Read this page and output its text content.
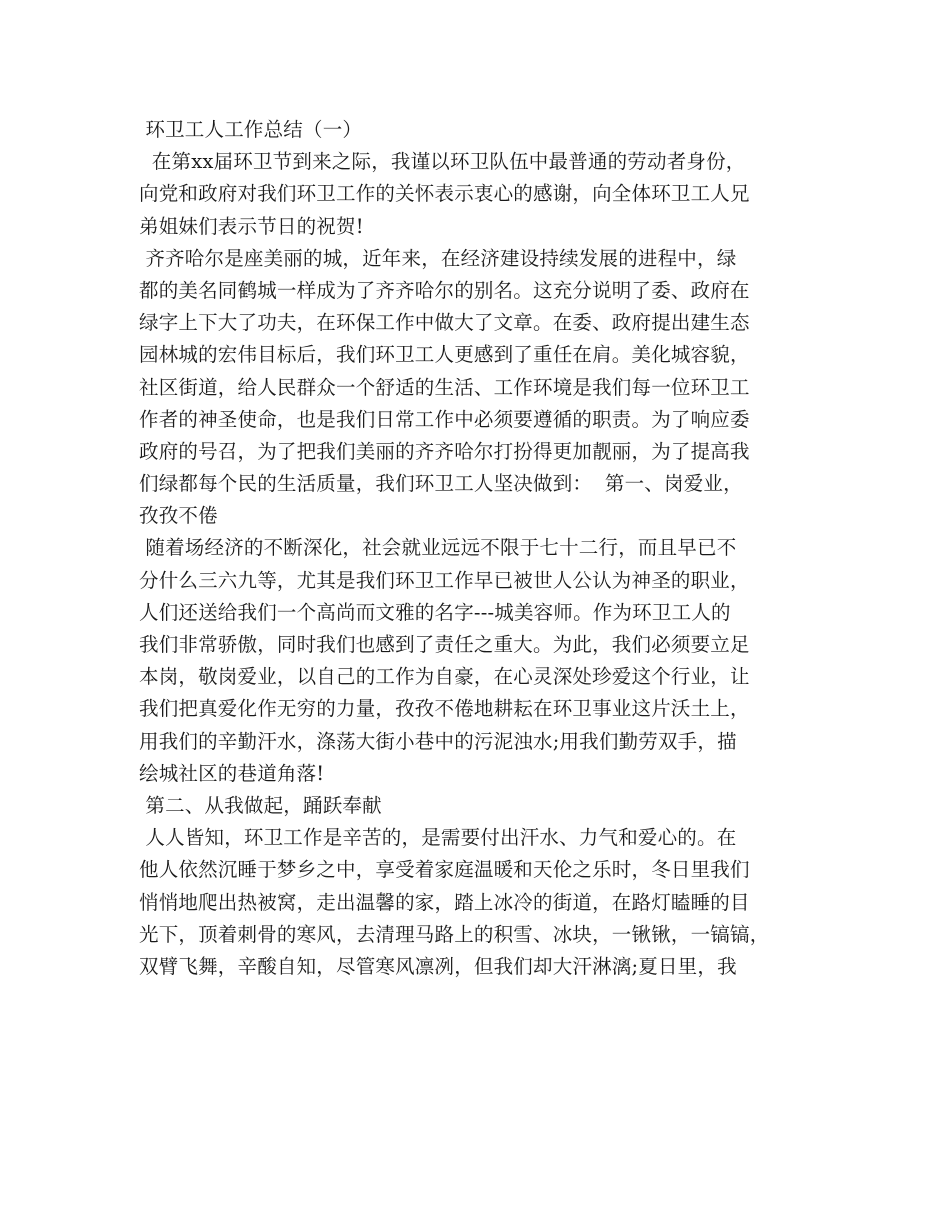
环卫工人工作总结（一）
在第xx届环卫节到来之际，我谨以环卫队伍中最普通的劳动者身份，
向党和政府对我们环卫工作的关怀表示衷心的感谢，向全体环卫工人兄
弟姐妹们表示节日的祝贺!
齐齐哈尔是座美丽的城，近年来，在经济建设持续发展的进程中，绿
都的美名同鹤城一样成为了齐齐哈尔的别名。这充分说明了委、政府在
绿字上下大了功夫，在环保工作中做大了文章。在委、政府提出建生态
园林城的宏伟目标后，我们环卫工人更感到了重任在肩。美化城容貌，
社区街道，给人民群众一个舒适的生活、工作环境是我们每一位环卫工
作者的神圣使命，也是我们日常工作中必须要遵循的职责。为了响应委
政府的号召，为了把我们美丽的齐齐哈尔打扮得更加靓丽，为了提高我
们绿都每个民的生活质量，我们环卫工人坚决做到：  第一、岗爱业，
孜孜不倦
随着场经济的不断深化，社会就业远远不限于七十二行，而且早已不
分什么三六九等，尤其是我们环卫工作早已被世人公认为神圣的职业，
人们还送给我们一个高尚而文雅的名字---城美容师。作为环卫工人的
我们非常骄傲，同时我们也感到了责任之重大。为此，我们必须要立足
本岗，敬岗爱业，以自己的工作为自豪，在心灵深处珍爱这个行业，让
我们把真爱化作无穷的力量，孜孜不倦地耕耘在环卫事业这片沃土上，
用我们的辛勤汗水，涤荡大街小巷中的污泥浊水;用我们勤劳双手，描
绘城社区的巷道角落!
第二、从我做起，踊跃奉献
人人皆知，环卫工作是辛苦的，是需要付出汗水、力气和爱心的。在
他人依然沉睡于梦乡之中，享受着家庭温暖和天伦之乐时，冬日里我们
悄悄地爬出热被窝，走出温馨的家，踏上冰冷的街道，在路灯瞌睡的目
光下，顶着刺骨的寒风，去清理马路上的积雪、冰块，一锹锹，一镐镐，
双臂飞舞，辛酸自知，尽管寒风凛冽，但我们却大汗淋漓;夏日里，我
